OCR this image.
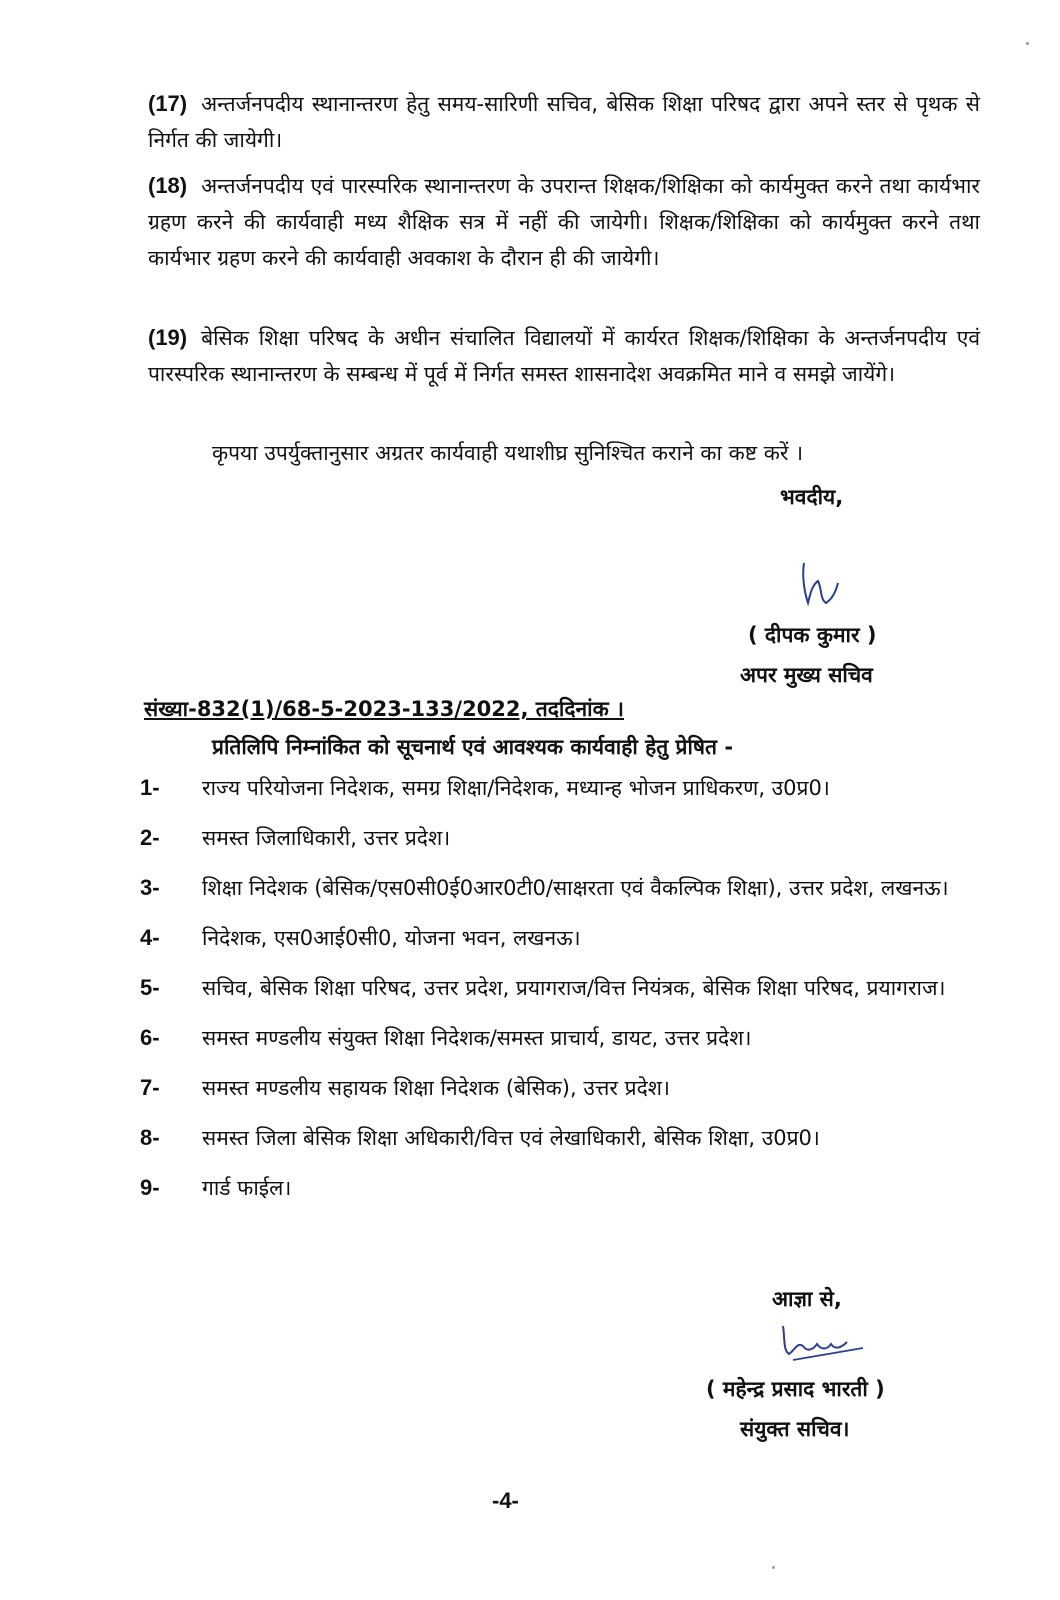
(17) अन्तर्जनपदीय स्थानान्तरण हेतु समय-सारिणी सचिव, बेसिक शिक्षा परिषद द्वारा अपने स्तर से पृथक से निर्गत की जायेगी।
(18) अन्तर्जनपदीय एवं पारस्परिक स्थानान्तरण के उपरान्त शिक्षक/शिक्षिका को कार्यमुक्त करने तथा कार्यभार ग्रहण करने की कार्यवाही मध्य शैक्षिक सत्र में नहीं की जायेगी। शिक्षक/शिक्षिका को कार्यमुक्त करने तथा कार्यभार ग्रहण करने की कार्यवाही अवकाश के दौरान ही की जायेगी।
(19) बेसिक शिक्षा परिषद के अधीन संचालित विद्यालयों में कार्यरत शिक्षक/शिक्षिका के अन्तर्जनपदीय एवं पारस्परिक स्थानान्तरण के सम्बन्ध में पूर्व में निर्गत समस्त शासनादेश अवक्रमित माने व समझे जायेंगे।
कृपया उपर्युक्तानुसार अग्रतर कार्यवाही यथाशीघ्र सुनिश्चित कराने का कष्ट करें ।
भवदीय,
( दीपक कुमार )
अपर मुख्य सचिव
संख्या-832(1)/68-5-2023-133/2022, तददिनांक ।
प्रतिलिपि निम्नांकित को सूचनार्थ एवं आवश्यक कार्यवाही हेतु प्रेषित -
1- राज्य परियोजना निदेशक, समग्र शिक्षा/निदेशक, मध्यान्ह भोजन प्राधिकरण, उ0प्र0।
2- समस्त जिलाधिकारी, उत्तर प्रदेश।
3- शिक्षा निदेशक (बेसिक/एस0सी0ई0आर0टी0/साक्षरता एवं वैकल्पिक शिक्षा), उत्तर प्रदेश, लखनऊ।
4- निदेशक, एस0आई0सी0, योजना भवन, लखनऊ।
5- सचिव, बेसिक शिक्षा परिषद, उत्तर प्रदेश, प्रयागराज/वित्त नियंत्रक, बेसिक शिक्षा परिषद, प्रयागराज।
6- समस्त मण्डलीय संयुक्त शिक्षा निदेशक/समस्त प्राचार्य, डायट, उत्तर प्रदेश।
7- समस्त मण्डलीय सहायक शिक्षा निदेशक (बेसिक), उत्तर प्रदेश।
8- समस्त जिला बेसिक शिक्षा अधिकारी/वित्त एवं लेखाधिकारी, बेसिक शिक्षा, उ0प्र0।
9- गार्ड फाईल।
आज्ञा से,
( महेन्द्र प्रसाद भारती )
संयुक्त सचिव।
-4-
